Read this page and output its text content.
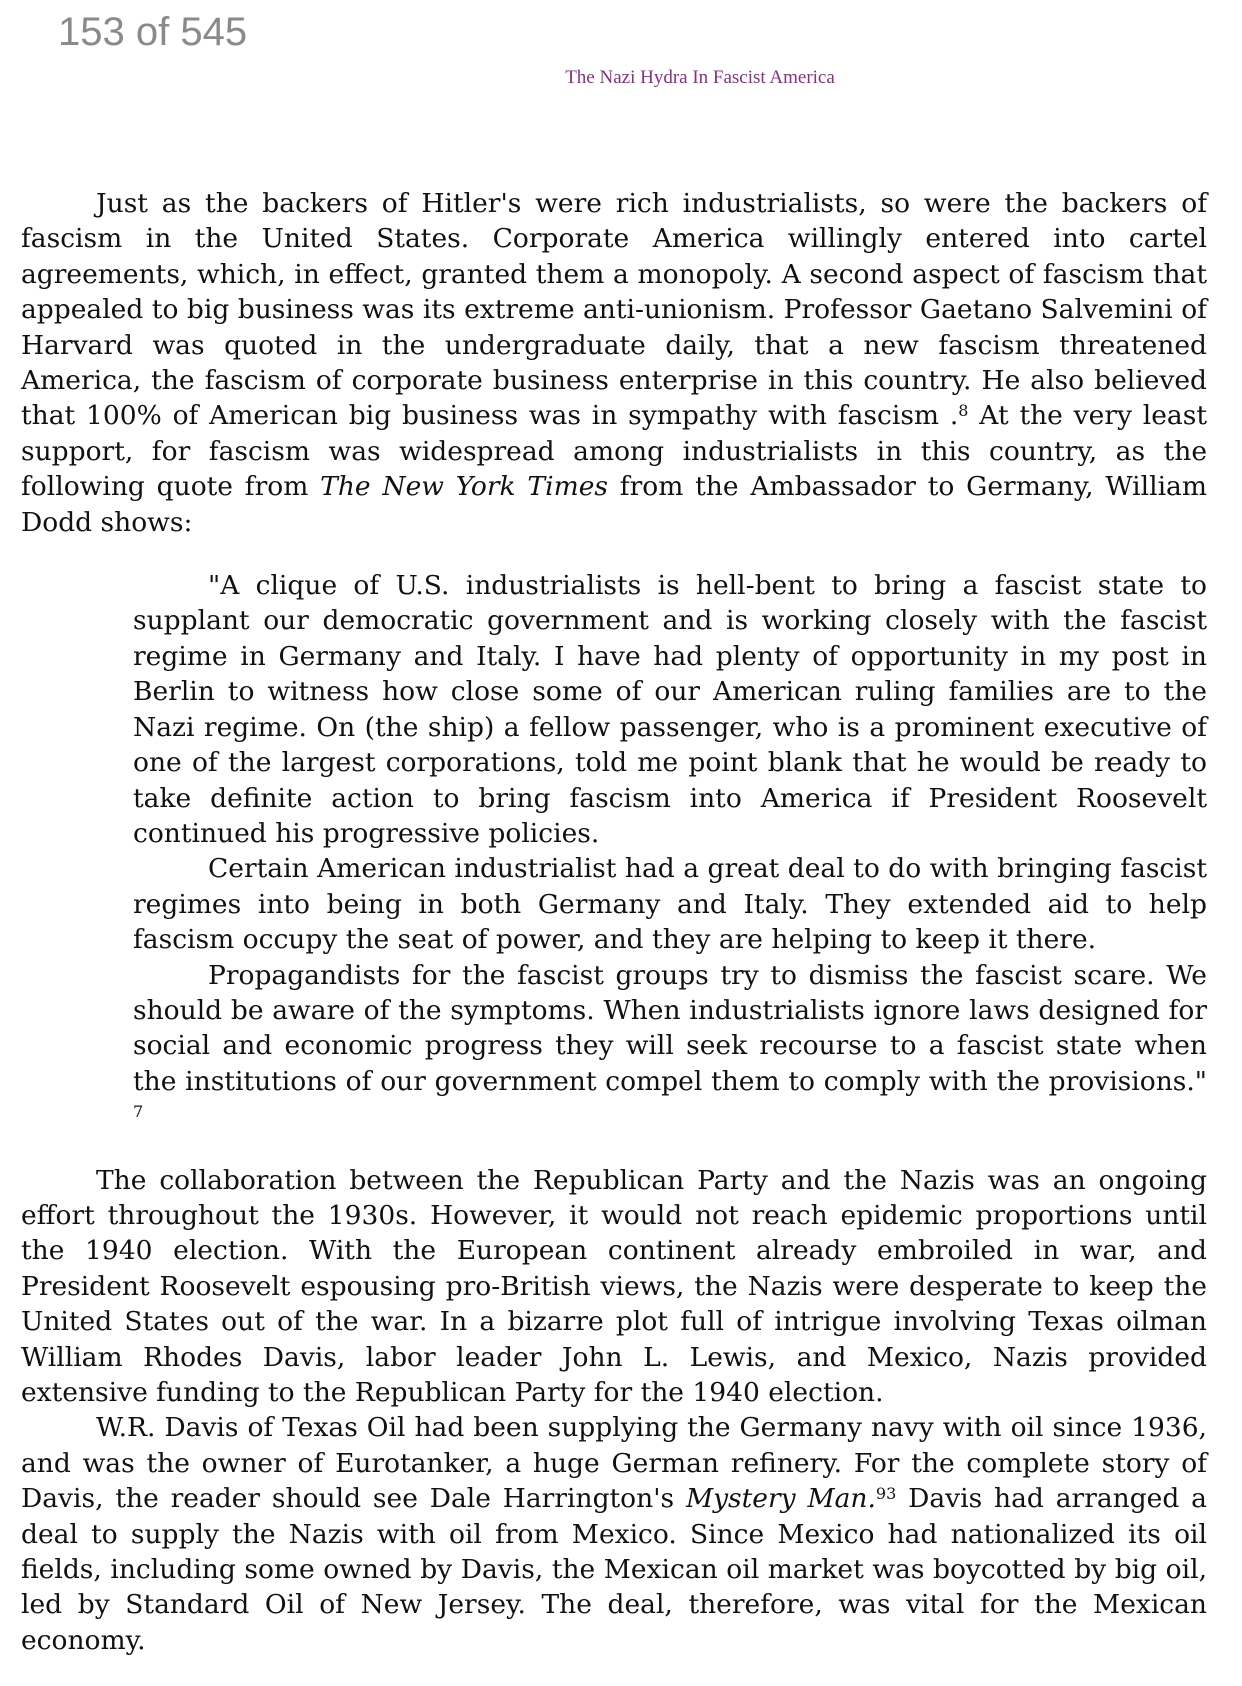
153 of 545
The Nazi Hydra In Fascist America

Just as the backers of Hitler's were rich industrialists, so were the backers of fascism in the United States. Corporate America willingly entered into cartel agreements, which, in effect, granted them a monopoly. A second aspect of fascism that appealed to big business was its extreme anti-unionism. Professor Gaetano Salvemini of Harvard was quoted in the undergraduate daily, that a new fascism threatened America, the fascism of corporate business enterprise in this country. He also believed that 100% of American big business was in sympathy with fascism .$^8$ At the very least support, for fascism was widespread among industrialists in this country, as the following quote from The New York Times from the Ambassador to Germany, William Dodd shows:

"A clique of U.S. industrialists is hell-bent to bring a fascist state to supplant our democratic government and is working closely with the fascist regime in Germany and Italy. I have had plenty of opportunity in my post in Berlin to witness how close some of our American ruling families are to the Nazi regime. On (the ship) a fellow passenger, who is a prominent executive of one of the largest corporations, told me point blank that he would be ready to take definite action to bring fascism into America if President Roosevelt continued his progressive policies.

Certain American industrialist had a great deal to do with bringing fascist regimes into being in both Germany and Italy. They extended aid to help fascism occupy the seat of power, and they are helping to keep it there.

Propagandists for the fascist groups try to dismiss the fascist scare. We should be aware of the symptoms. When industrialists ignore laws designed for social and economic progress they will seek recourse to a fascist state when the institutions of our government compel them to comply with the provisions." $^7$

The collaboration between the Republican Party and the Nazis was an ongoing effort throughout the 1930s. However, it would not reach epidemic proportions until the 1940 election. With the European continent already embroiled in war, and President Roosevelt espousing pro-British views, the Nazis were desperate to keep the United States out of the war. In a bizarre plot full of intrigue involving Texas oilman William Rhodes Davis, labor leader John L. Lewis, and Mexico, Nazis provided extensive funding to the Republican Party for the 1940 election.

W.R. Davis of Texas Oil had been supplying the Germany navy with oil since 1936, and was the owner of Eurotanker, a huge German refinery. For the complete story of Davis, the reader should see Dale Harrington's Mystery Man.$^{93}$ Davis had arranged a deal to supply the Nazis with oil from Mexico. Since Mexico had nationalized its oil fields, including some owned by Davis, the Mexican oil market was boycotted by big oil, led by Standard Oil of New Jersey. The deal, therefore, was vital for the Mexican economy.
